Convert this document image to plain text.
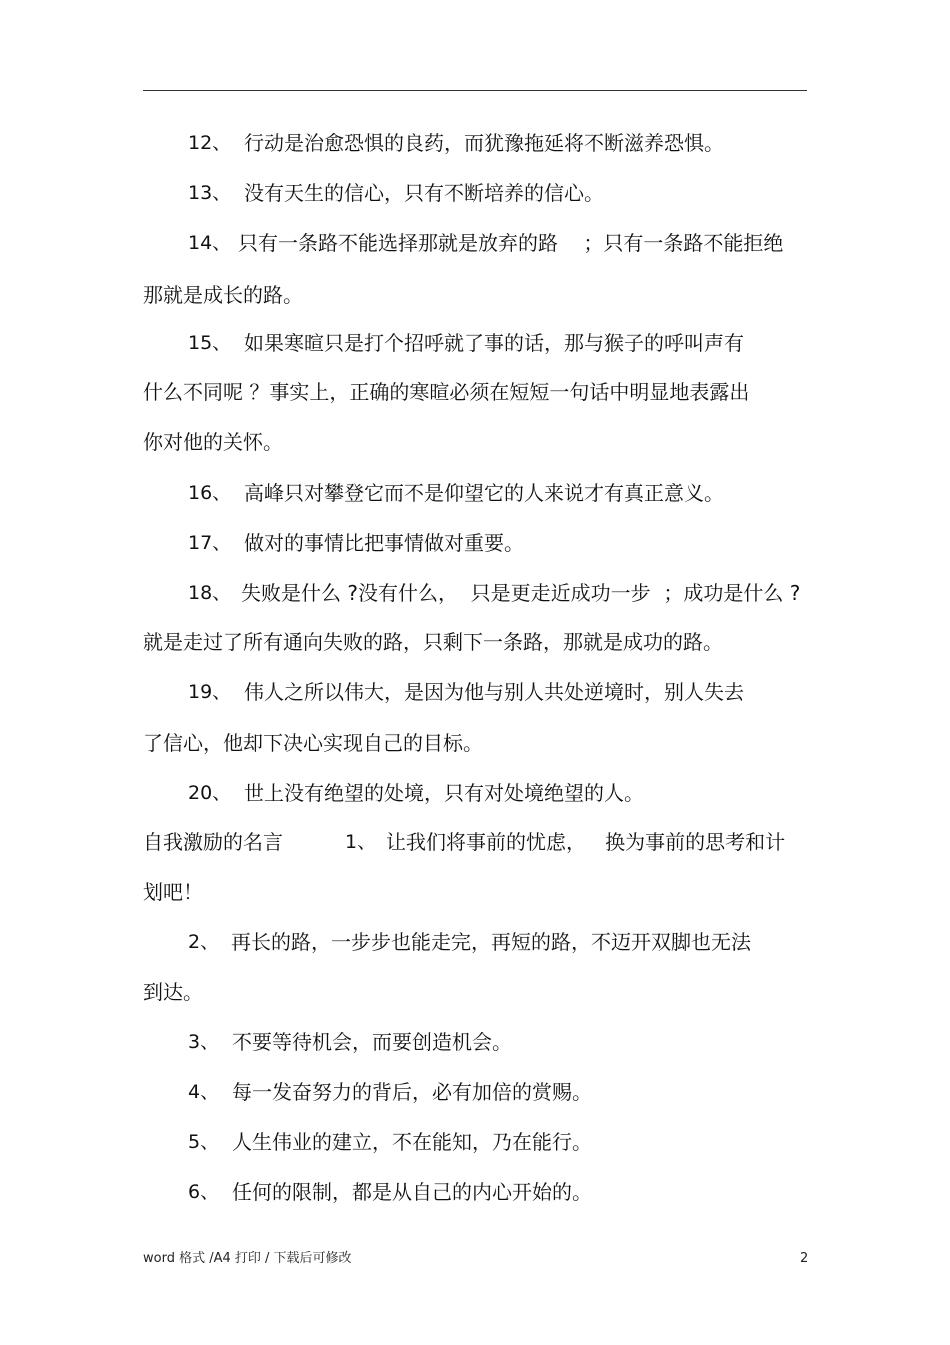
12、 行动是治愈恐惧的良药，而犹豫拖延将不断滋养恐惧。
13、 没有天生的信心，只有不断培养的信心。
14、 只有一条路不能选择那就是放弃的路    ；只有一条路不能拒绝
那就是成长的路。
15、 如果寒暄只是打个招呼就了事的话，那与猴子的呼叫声有
什么不同呢 ？事实上，正确的寒暄必须在短短一句话中明显地表露出
你对他的关怀。
16、 高峰只对攀登它而不是仰望它的人来说才有真正意义。
17、 做对的事情比把事情做对重要。
18、 失败是什么 ?没有什么，  只是更走近成功一步  ；成功是什么 ?
就是走过了所有通向失败的路，只剩下一条路，那就是成功的路。
19、 伟人之所以伟大，是因为他与别人共处逆境时，别人失去
了信心，他却下决心实现自己的目标。
20、 世上没有绝望的处境，只有对处境绝望的人。
自我激励的名言	1、 让我们将事前的忧虑，   换为事前的思考和计
划吧！
2、 再长的路，一步步也能走完，再短的路，不迈开双脚也无法
到达。
3、 不要等待机会，而要创造机会。
4、 每一发奋努力的背后，必有加倍的赏赐。
5、 人生伟业的建立，不在能知，乃在能行。
6、 任何的限制，都是从自己的内心开始的。
word 格式 /A4 打印 / 下载后可修改	2
